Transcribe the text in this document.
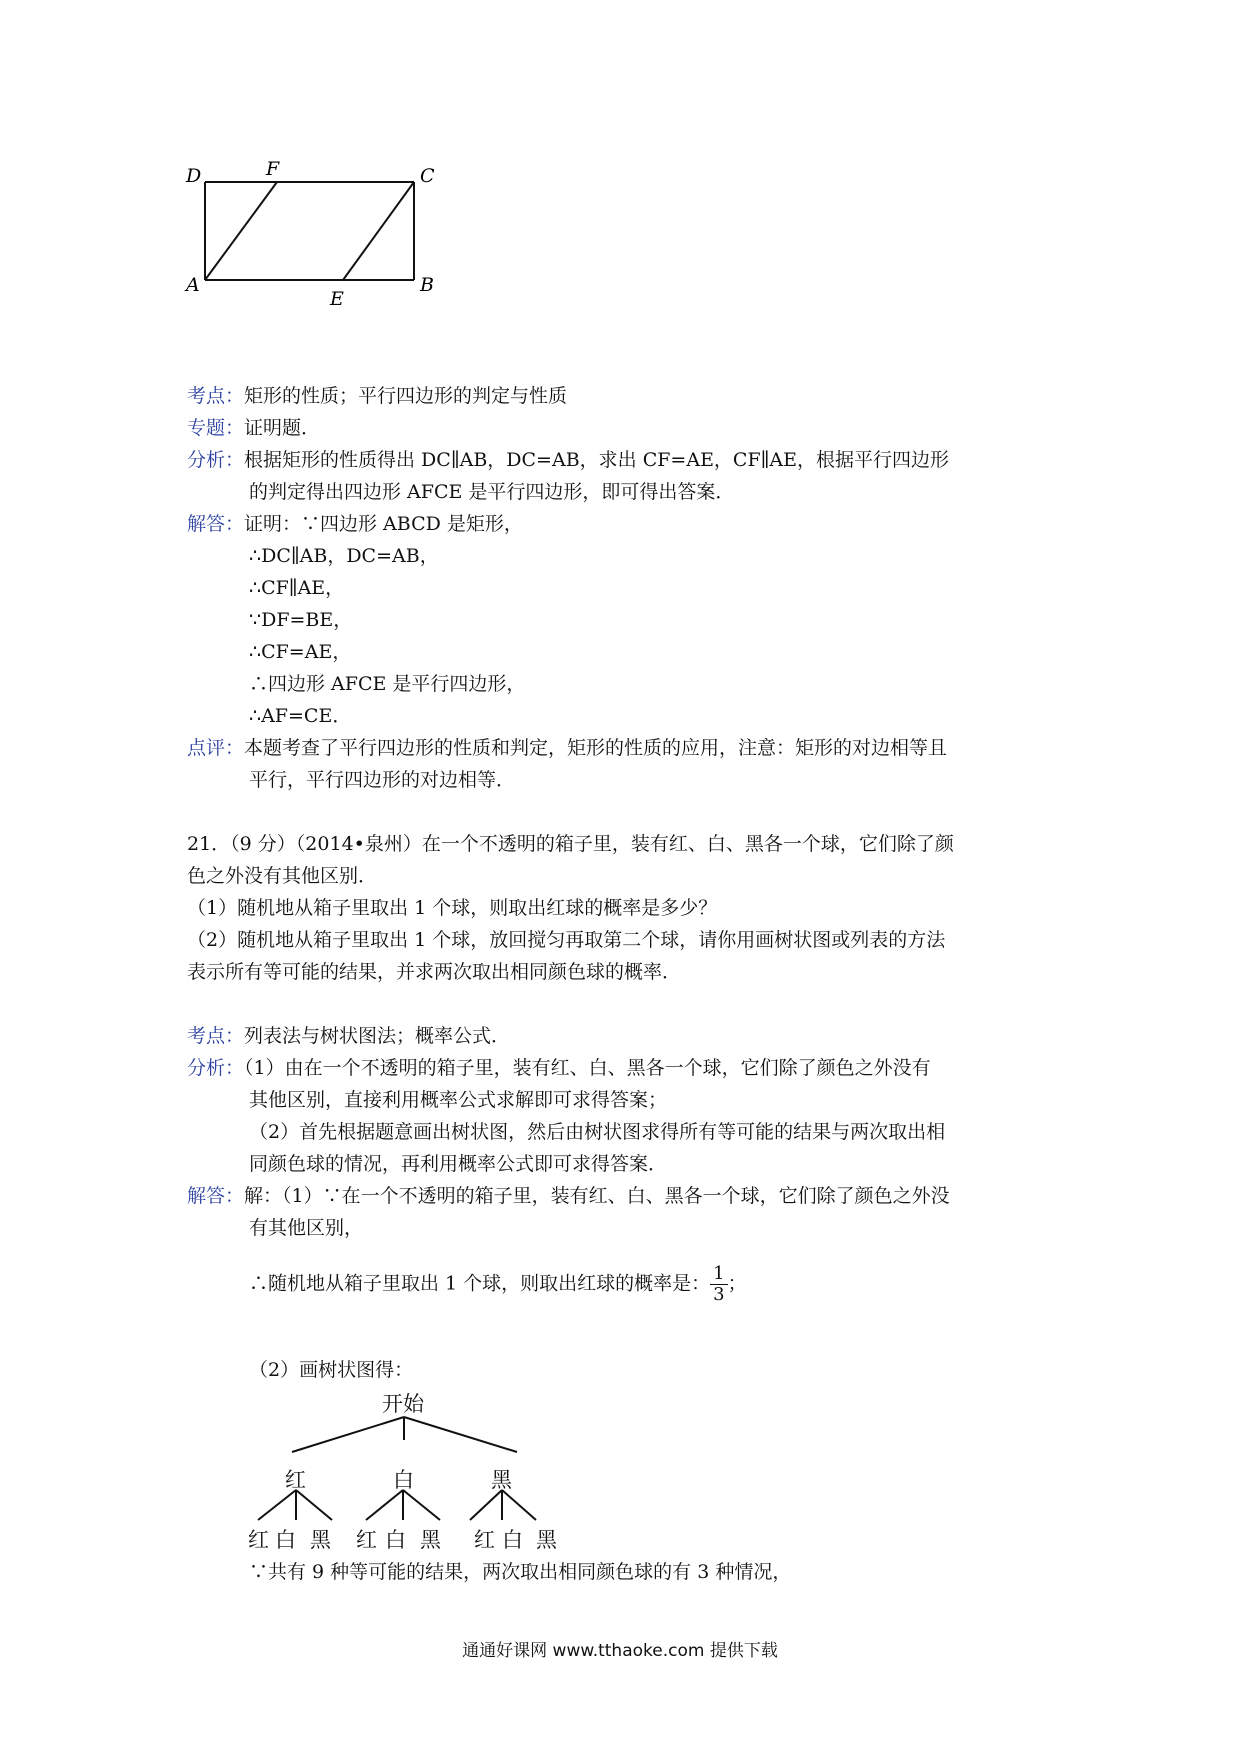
D	F	C
A
E
B
考点：矩形的性质；平行四边形的判定与性质
专题：证明题．
分析：根据矩形的性质得出 DC∥AB，DC=AB，求出 CF=AE，CF∥AE，根据平行四边形
的判定得出四边形 AFCE 是平行四边形，即可得出答案．
解答：证明：∵四边形 ABCD 是矩形，
∴DC∥AB，DC=AB，
∴CF∥AE，
∵DF=BE，
∴CF=AE，
∴四边形 AFCE 是平行四边形，
∴AF=CE．
点评：本题考查了平行四边形的性质和判定，矩形的性质的应用，注意：矩形的对边相等且
平行，平行四边形的对边相等．
21．（9 分）（2014•泉州）在一个不透明的箱子里，装有红、白、黑各一个球，它们除了颜
色之外没有其他区别．
（1）随机地从箱子里取出 1 个球，则取出红球的概率是多少？
（2）随机地从箱子里取出 1 个球，放回搅匀再取第二个球，请你用画树状图或列表的方法
表示所有等可能的结果，并求两次取出相同颜色球的概率．
考点：列表法与树状图法；概率公式．
分析：（1）由在一个不透明的箱子里，装有红、白、黑各一个球，它们除了颜色之外没有
其他区别，直接利用概率公式求解即可求得答案；
（2）首先根据题意画出树状图，然后由树状图求得所有等可能的结果与两次取出相
同颜色球的情况，再利用概率公式即可求得答案．
解答：解：（1）∵在一个不透明的箱子里，装有红、白、黑各一个球，它们除了颜色之外没
有其他区别，
∴随机地从箱子里取出 1 个球，则取出红球的概率是： $\frac{1}{3}$ ；
（2）画树状图得：
开始
红	白	黑
红 白 黑 红 白 黑 红 白 黑
∵共有 9 种等可能的结果，两次取出相同颜色球的有 3 种情况，
通通好课网 www.tthaoke.com 提供下载
